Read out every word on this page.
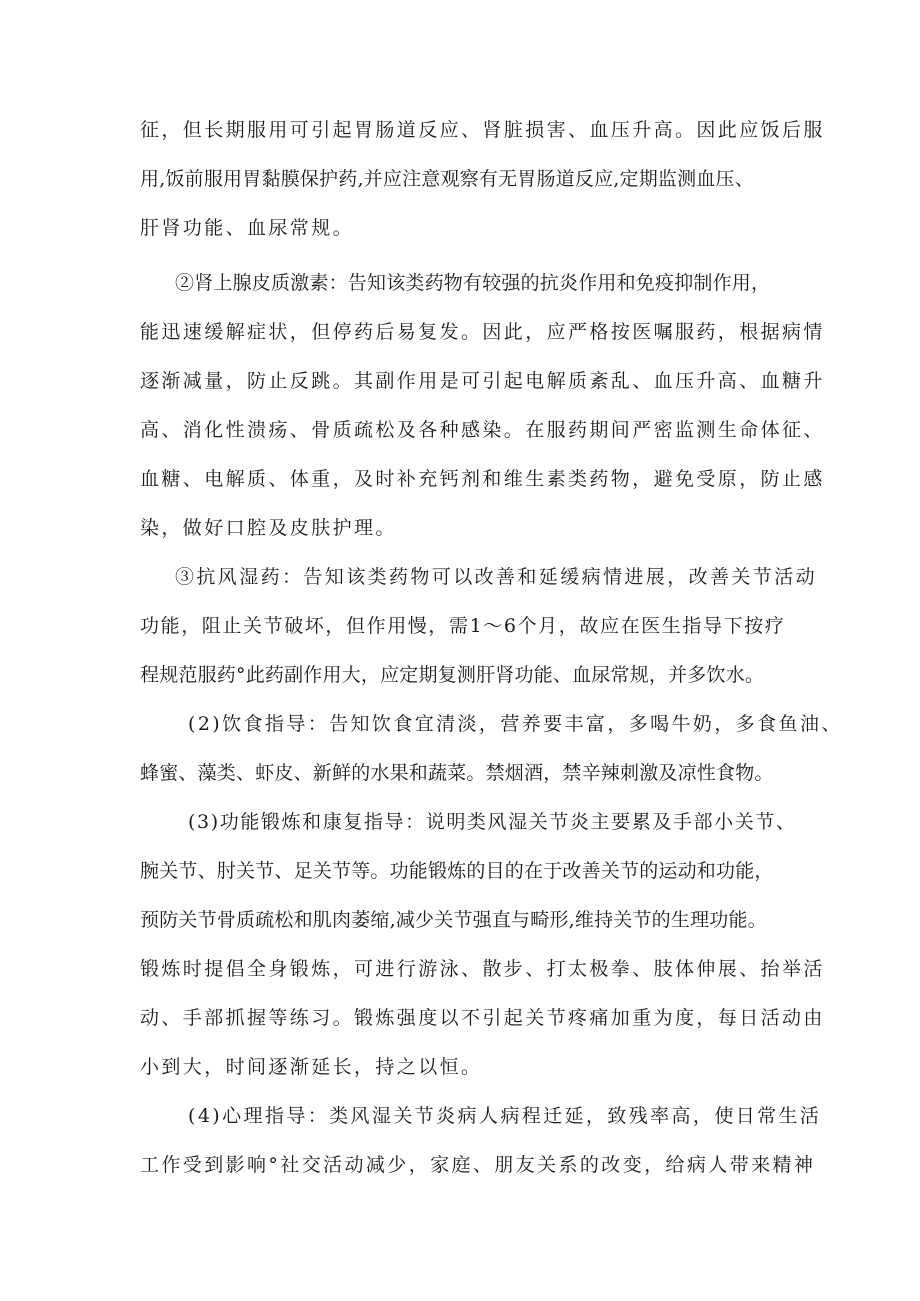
征，但长期服用可引起胃肠道反应、肾脏损害、血压升高。因此应饭后服

用,饭前服用胃黏膜保护药,并应注意观察有无胃肠道反应,定期监测血压、

肝肾功能、血尿常规。

②肾上腺皮质激素：告知该类药物有较强的抗炎作用和免疫抑制作用，

能迅速缓解症状，但停药后易复发。因此，应严格按医嘱服药，根据病情

逐渐减量，防止反跳。其副作用是可引起电解质紊乱、血压升高、血糖升

高、消化性溃疡、骨质疏松及各种感染。在服药期间严密监测生命体征、

血糖、电解质、体重，及时补充钙剂和维生素类药物，避免受原，防止感

染，做好口腔及皮肤护理。

③抗风湿药：告知该类药物可以改善和延缓病情进展，改善关节活动

功能，阻止关节破坏，但作用慢，需1～6个月，故应在医生指导下按疗

程规范服药°此药副作用大，应定期复测肝肾功能、血尿常规，并多饮水。

(2)饮食指导：告知饮食宜清淡，营养要丰富，多喝牛奶，多食鱼油、

蜂蜜、藻类、虾皮、新鲜的水果和蔬菜。禁烟酒，禁辛辣刺激及凉性食物。

(3)功能锻炼和康复指导：说明类风湿关节炎主要累及手部小关节、

腕关节、肘关节、足关节等。功能锻炼的目的在于改善关节的运动和功能，

预防关节骨质疏松和肌肉萎缩,减少关节强直与畸形,维持关节的生理功能。

锻炼时提倡全身锻炼，可进行游泳、散步、打太极拳、肢体伸展、抬举活

动、手部抓握等练习。锻炼强度以不引起关节疼痛加重为度，每日活动由

小到大，时间逐渐延长，持之以恒。

(4)心理指导：类风湿关节炎病人病程迁延，致残率高，使日常生活

工作受到影响°社交活动减少，家庭、朋友关系的改变，给病人带来精神
